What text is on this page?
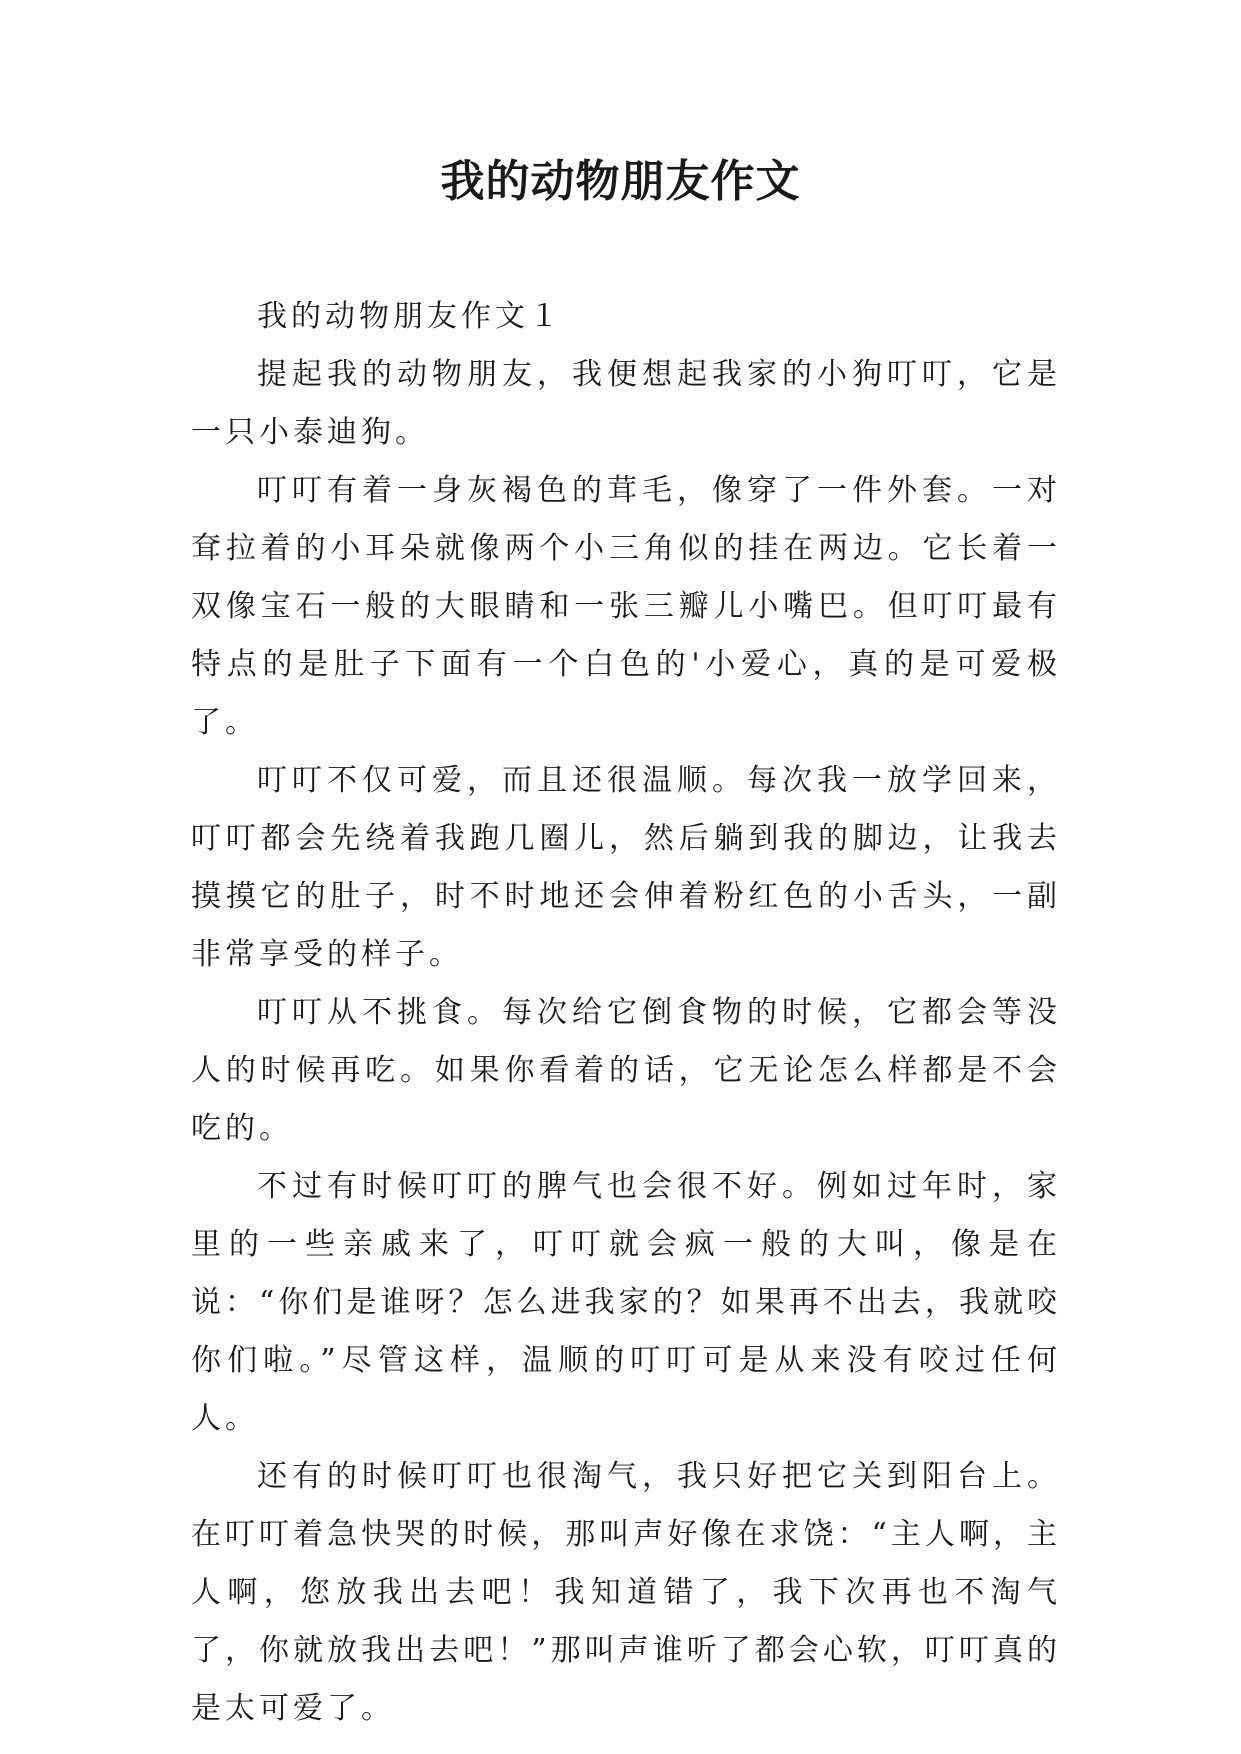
我的动物朋友作文

我的动物朋友作文１

提起我的动物朋友，我便想起我家的小狗叮叮，它是一只小泰迪狗。

叮叮有着一身灰褐色的茸毛，像穿了一件外套。一对耷拉着的小耳朵就像两个小三角似的挂在两边。它长着一双像宝石一般的大眼睛和一张三瓣儿小嘴巴。但叮叮最有特点的是肚子下面有一个白色的'小爱心，真的是可爱极了。

叮叮不仅可爱，而且还很温顺。每次我一放学回来，叮叮都会先绕着我跑几圈儿，然后躺到我的脚边，让我去摸摸它的肚子，时不时地还会伸着粉红色的小舌头，一副非常享受的样子。

叮叮从不挑食。每次给它倒食物的时候，它都会等没人的时候再吃。如果你看着的话，它无论怎么样都是不会吃的。

不过有时候叮叮的脾气也会很不好。例如过年时，家里的一些亲戚来了，叮叮就会疯一般的大叫，像是在说：“你们是谁呀？怎么进我家的？如果再不出去，我就咬你们啦。”尽管这样，温顺的叮叮可是从来没有咬过任何人。

还有的时候叮叮也很淘气，我只好把它关到阳台上。在叮叮着急快哭的时候，那叫声好像在求饶：“主人啊，主人啊，您放我出去吧！我知道错了，我下次再也不淘气了，你就放我出去吧！”那叫声谁听了都会心软，叮叮真的是太可爱了。
